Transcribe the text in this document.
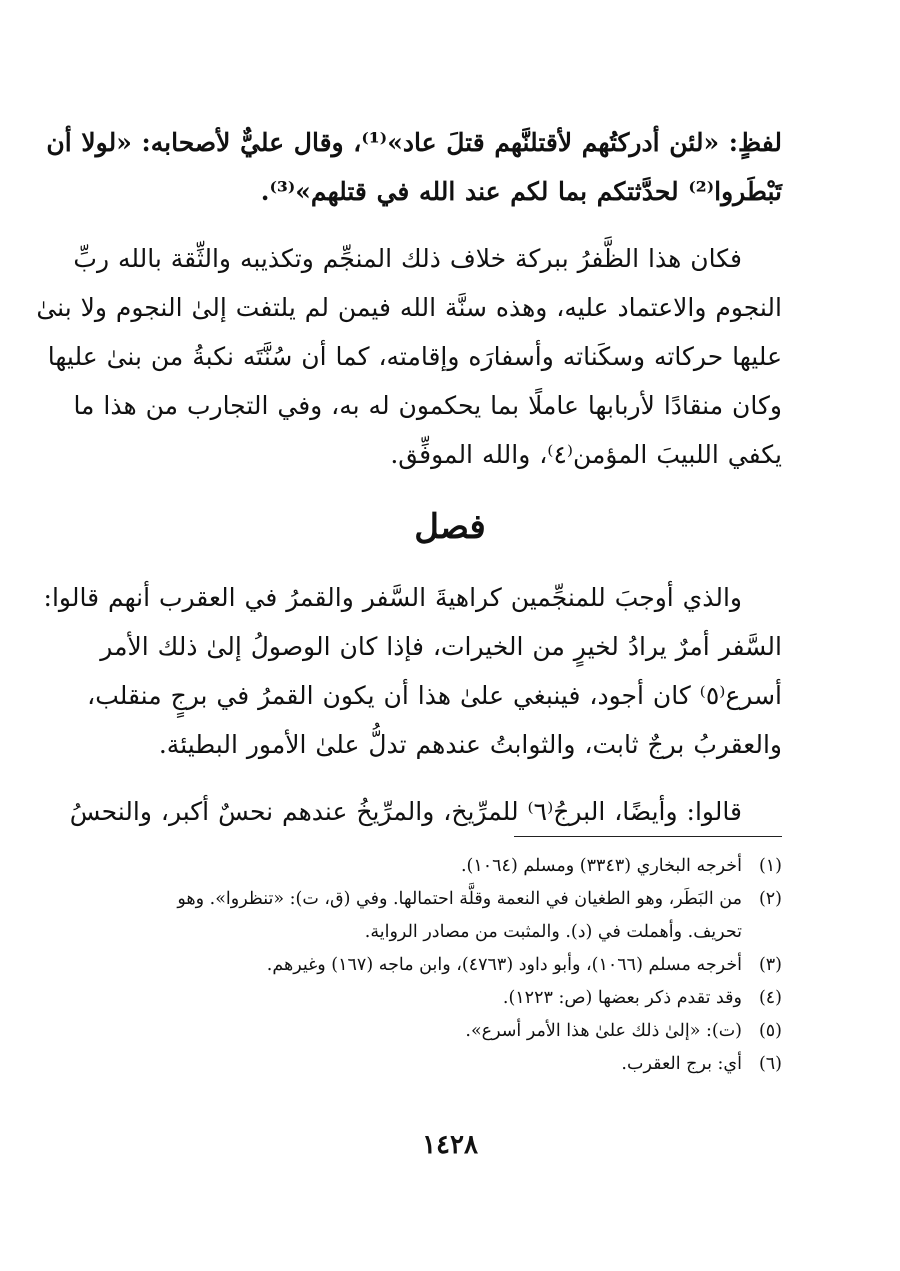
لفظٍ: «لئن أدركتُهم لأقتلنَّهم قتلَ عاد»⁽¹⁾، وقال عليٌّ لأصحابه: «لولا أن
تَبْطَروا⁽²⁾ لحدَّثتكم بما لكم عند الله في قتلهم»⁽³⁾.

فكان هذا الظَّفرُ ببركة خلاف ذلك المنجِّم وتكذيبه والثِّقة بالله ربِّ
النجوم والاعتماد عليه، وهذه سنَّة الله فيمن لم يلتفت إلىٰ النجوم ولا بنىٰ
عليها حركاته وسكَناته وأسفارَه وإقامته، كما أن سُنَّتَه نكبةُ من بنىٰ عليها
وكان منقادًا لأربابها عاملًا بما يحكمون له به، وفي التجارب من هذا ما
يكفي اللبيبَ المؤمن⁽٤⁾، والله الموفِّق.

فصل

والذي أوجبَ للمنجِّمين كراهيةَ السَّفر والقمرُ في العقرب أنهم قالوا:
السَّفر أمرٌ يرادُ لخيرٍ من الخيرات، فإذا كان الوصولُ إلىٰ ذلك الأمر
أسرع⁽٥⁾ كان أجود، فينبغي علىٰ هذا أن يكون القمرُ في برجٍ منقلب،
والعقربُ برجٌ ثابت، والثوابتُ عندهم تدلُّ علىٰ الأمور البطيئة.

قالوا: وأيضًا، البرجُ⁽٦⁾ للمرِّيخ، والمرِّيخُ عندهم نحسٌ أكبر، والنحسُ

(١)
أخرجه البخاري (٣٣٤٣) ومسلم (١٠٦٤).
(٢)
من البَطَر، وهو الطغيان في النعمة وقلَّة احتمالها. وفي (ق، ت): «تنظروا». وهو
تحريف. وأهملت في (د). والمثبت من مصادر الرواية.
(٣)
أخرجه مسلم (١٠٦٦)، وأبو داود (٤٧٦٣)، وابن ماجه (١٦٧) وغيرهم.
(٤)
وقد تقدم ذكر بعضها (ص: ١٢٢٣).
(٥)
(ت): «إلىٰ ذلك علىٰ هذا الأمر أسرع».
(٦)
أي: برج العقرب.
١٤٢٨
